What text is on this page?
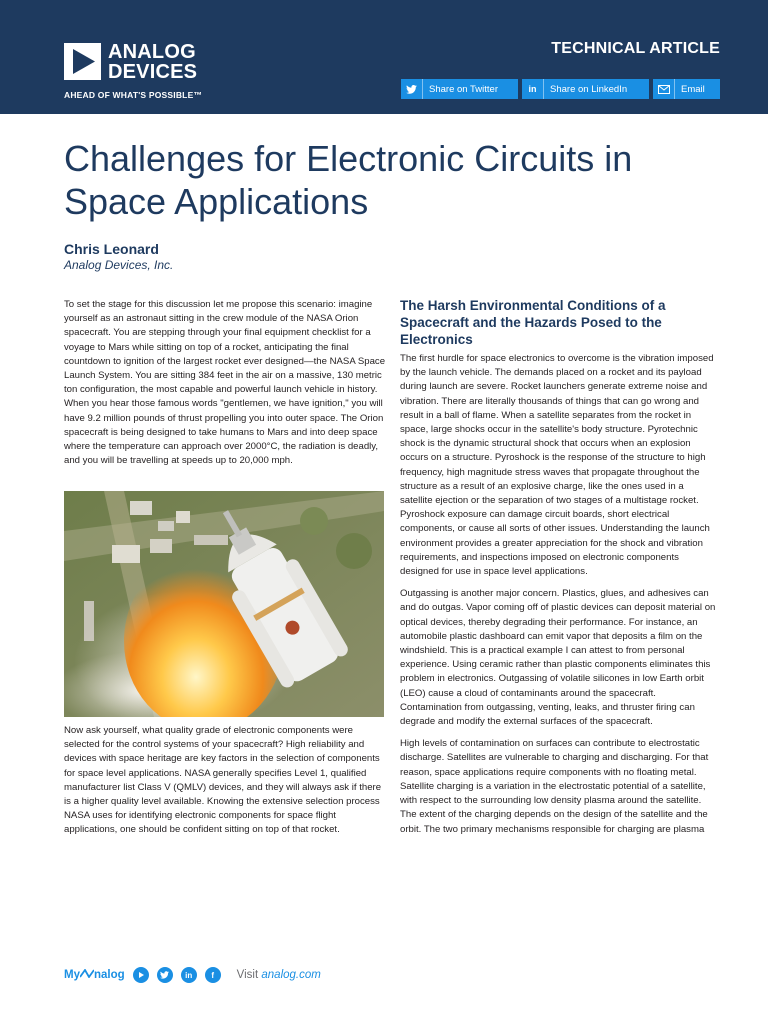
ANALOG
DEVICES
AHEAD OF WHAT'S POSSIBLE™
TECHNICAL ARTICLE
Share on Twitter	in	Share on LinkedIn	Email
Challenges for Electronic Circuits in Space Applications
Chris Leonard
Analog Devices, Inc.

To set the stage for this discussion let me propose this scenario: imagine yourself as an astronaut sitting in the crew module of the NASA Orion spacecraft. You are stepping through your final equipment checklist for a voyage to Mars while sitting on top of a rocket, anticipating the final countdown to ignition of the largest rocket ever designed—the NASA Space Launch System. You are sitting 384 feet in the air on a massive, 130 metric ton configuration, the most capable and powerful launch vehicle in history. When you hear those famous words "gentlemen, we have ignition," you will have 9.2 million pounds of thrust propelling you into outer space. The Orion spacecraft is being designed to take humans to Mars and into deep space where the temperature can approach over 2000°C, the radiation is deadly, and you will be travelling at speeds up to 20,000 mph.

Now ask yourself, what quality grade of electronic components were selected for the control systems of your spacecraft? High reliability and devices with space heritage are key factors in the selection of components for space level applications. NASA generally specifies Level 1, qualified manufacturer list Class V (QMLV) devices, and they will always ask if there is a higher quality level available. Knowing the extensive selection process NASA uses for identifying electronic components for space flight applications, one should be confident sitting on top of that rocket.

The Harsh Environmental Conditions of a Spacecraft and the Hazards Posed to the Electronics

The first hurdle for space electronics to overcome is the vibration imposed by the launch vehicle. The demands placed on a rocket and its payload during launch are severe. Rocket launchers generate extreme noise and vibration. There are literally thousands of things that can go wrong and result in a ball of flame. When a satellite separates from the rocket in space, large shocks occur in the satellite's body structure. Pyrotechnic shock is the dynamic structural shock that occurs when an explosion occurs on a structure. Pyroshock is the response of the structure to high frequency, high magnitude stress waves that propagate throughout the structure as a result of an explosive charge, like the ones used in a satellite ejection or the separation of two stages of a multistage rocket. Pyroshock exposure can damage circuit boards, short electrical components, or cause all sorts of other issues. Understanding the launch environment provides a greater appreciation for the shock and vibration requirements, and inspections imposed on electronic components designed for use in space level applications.

Outgassing is another major concern. Plastics, glues, and adhesives can and do outgas. Vapor coming off of plastic devices can deposit material on optical devices, thereby degrading their performance. For instance, an automobile plastic dashboard can emit vapor that deposits a film on the windshield. This is a practical example I can attest to from personal experience. Using ceramic rather than plastic components eliminates this problem in electronics. Outgassing of volatile silicones in low Earth orbit (LEO) cause a cloud of contaminants around the spacecraft. Contamination from outgassing, venting, leaks, and thruster firing can degrade and modify the external surfaces of the spacecraft.

High levels of contamination on surfaces can contribute to electrostatic discharge. Satellites are vulnerable to charging and discharging. For that reason, space applications require components with no floating metal. Satellite charging is a variation in the electrostatic potential of a satellite, with respect to the surrounding low density plasma around the satellite. The extent of the charging depends on the design of the satellite and the orbit. The two primary mechanisms responsible for charging are plasma

My nalog	in	f	Visit analog.com
